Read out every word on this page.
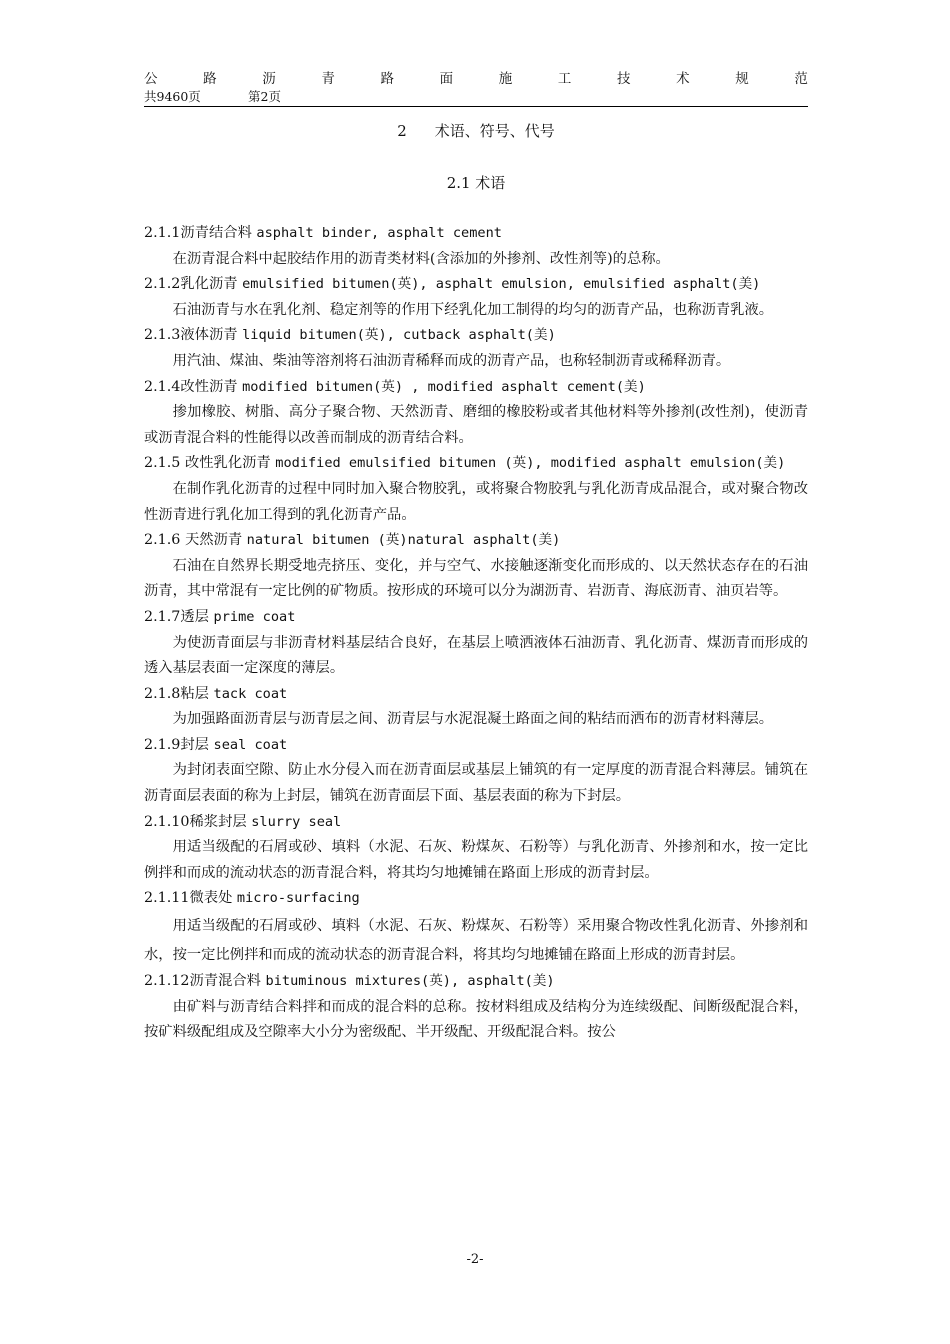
公	路	沥	青	路	面	施	工	技	术	规	范
共9460页	第2页
2 术语、符号、代号
2.1 术语
2.1.1沥青结合料 asphalt binder, asphalt cement
在沥青混合料中起胶结作用的沥青类材料(含添加的外掺剂、改性剂等)的总称。
2.1.2乳化沥青 emulsified bitumen(英), asphalt emulsion, emulsified asphalt(美)
石油沥青与水在乳化剂、稳定剂等的作用下经乳化加工制得的均匀的沥青产品，也称沥青乳液。
2.1.3液体沥青 liquid bitumen(英), cutback asphalt(美)
用汽油、煤油、柴油等溶剂将石油沥青稀释而成的沥青产品，也称轻制沥青或稀释沥青。
2.1.4改性沥青 modified bitumen(英) , modified asphalt cement(美)
掺加橡胶、树脂、高分子聚合物、天然沥青、磨细的橡胶粉或者其他材料等外掺剂(改性剂)，使沥青或沥青混合料的性能得以改善而制成的沥青结合料。
2.1.5 改性乳化沥青 modified emulsified bitumen (英), modified asphalt emulsion(美)
在制作乳化沥青的过程中同时加入聚合物胶乳，或将聚合物胶乳与乳化沥青成品混合，或对聚合物改性沥青进行乳化加工得到的乳化沥青产品。
2.1.6 天然沥青 natural bitumen (英)natural asphalt(美)
石油在自然界长期受地壳挤压、变化，并与空气、水接触逐渐变化而形成的、以天然状态存在的石油沥青，其中常混有一定比例的矿物质。按形成的环境可以分为湖沥青、岩沥青、海底沥青、油页岩等。
2.1.7透层 prime coat
为使沥青面层与非沥青材料基层结合良好，在基层上喷洒液体石油沥青、乳化沥青、煤沥青而形成的透入基层表面一定深度的薄层。
2.1.8粘层 tack coat
为加强路面沥青层与沥青层之间、沥青层与水泥混凝土路面之间的粘结而洒布的沥青材料薄层。
2.1.9封层 seal coat
为封闭表面空隙、防止水分侵入而在沥青面层或基层上铺筑的有一定厚度的沥青混合料薄层。铺筑在沥青面层表面的称为上封层，铺筑在沥青面层下面、基层表面的称为下封层。
2.1.10稀浆封层 slurry seal
用适当级配的石屑或砂、填料（水泥、石灰、粉煤灰、石粉等）与乳化沥青、外掺剂和水，按一定比例拌和而成的流动状态的沥青混合料，将其均匀地摊铺在路面上形成的沥青封层。
2.1.11微表处 micro-surfacing
用适当级配的石屑或砂、填料（水泥、石灰、粉煤灰、石粉等）采用聚合物改性乳化沥青、外掺剂和水，按一定比例拌和而成的流动状态的沥青混合料，将其均匀地摊铺在路面上形成的沥青封层。
2.1.12沥青混合料 bituminous mixtures(英), asphalt(美)
由矿料与沥青结合料拌和而成的混合料的总称。按材料组成及结构分为连续级配、间断级配混合料，按矿料级配组成及空隙率大小分为密级配、半开级配、开级配混合料。按公
-2-
